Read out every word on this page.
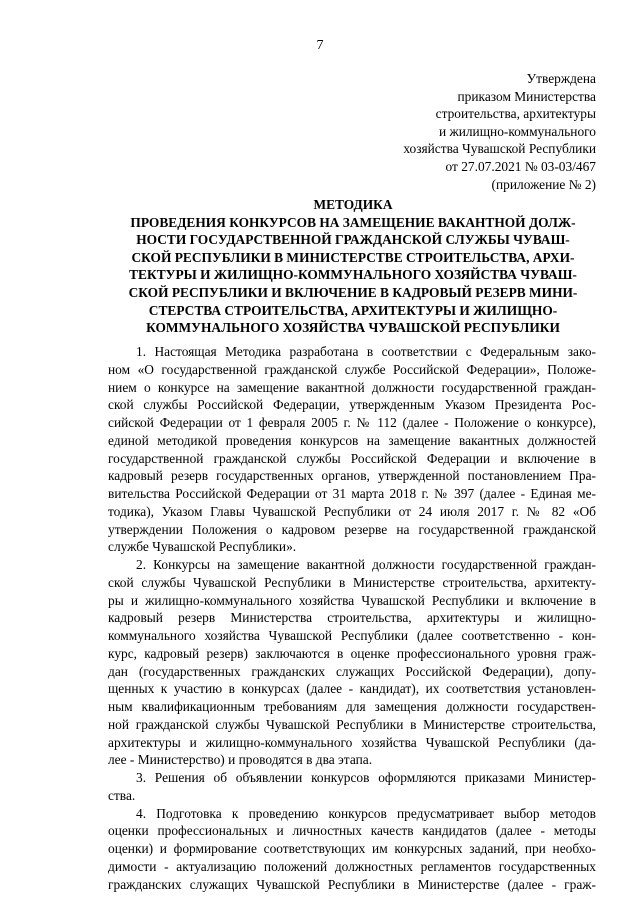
7
Утверждена
приказом Министерства
строительства, архитектуры
и жилищно-коммунального
хозяйства Чувашской Республики
от 27.07.2021 № 03-03/467
(приложение № 2)
МЕТОДИКА
ПРОВЕДЕНИЯ КОНКУРСОВ НА ЗАМЕЩЕНИЕ ВАКАНТНОЙ ДОЛЖ-
НОСТИ ГОСУДАРСТВЕННОЙ ГРАЖДАНСКОЙ СЛУЖБЫ ЧУВАШ-
СКОЙ РЕСПУБЛИКИ В МИНИСТЕРСТВЕ СТРОИТЕЛЬСТВА, АРХИ-
ТЕКТУРЫ И ЖИЛИЩНО-КОММУНАЛЬНОГО ХОЗЯЙСТВА ЧУВАШ-
СКОЙ РЕСПУБЛИКИ И ВКЛЮЧЕНИЕ В КАДРОВЫЙ РЕЗЕРВ МИНИ-
СТЕРСТВА СТРОИТЕЛЬСТВА, АРХИТЕКТУРЫ И ЖИЛИЩНО-
КОММУНАЛЬНОГО ХОЗЯЙСТВА ЧУВАШСКОЙ РЕСПУБЛИКИ
1. Настоящая Методика разработана в соответствии с Федеральным зако-
ном «О государственной гражданской службе Российской Федерации», Положе-
нием о конкурсе на замещение вакантной должности государственной граждан-
ской службы Российской Федерации, утвержденным Указом Президента Рос-
сийской Федерации от 1 февраля 2005 г. № 112 (далее - Положение о конкурсе),
единой методикой проведения конкурсов на замещение вакантных должностей
государственной гражданской службы Российской Федерации и включение в
кадровый резерв государственных органов, утвержденной постановлением Пра-
вительства Российской Федерации от 31 марта 2018 г. № 397 (далее - Единая ме-
тодика), Указом Главы Чувашской Республики от 24 июля 2017 г. № 82 «Об
утверждении Положения о кадровом резерве на государственной гражданской
службе Чувашской Республики».
2. Конкурсы на замещение вакантной должности государственной граждан-
ской службы Чувашской Республики в Министерстве строительства, архитекту-
ры и жилищно-коммунального хозяйства Чувашской Республики и включение в
кадровый резерв Министерства строительства, архитектуры и жилищно-
коммунального хозяйства Чувашской Республики (далее соответственно - кон-
курс, кадровый резерв) заключаются в оценке профессионального уровня граж-
дан (государственных гражданских служащих Российской Федерации), допу-
щенных к участию в конкурсах (далее - кандидат), их соответствия установлен-
ным квалификационным требованиям для замещения должности государствен-
ной гражданской службы Чувашской Республики в Министерстве строительства,
архитектуры и жилищно-коммунального хозяйства Чувашской Республики (да-
лее - Министерство) и проводятся в два этапа.
3. Решения об объявлении конкурсов оформляются приказами Министер-
ства.
4. Подготовка к проведению конкурсов предусматривает выбор методов
оценки профессиональных и личностных качеств кандидатов (далее - методы
оценки) и формирование соответствующих им конкурсных заданий, при необхо-
димости - актуализацию положений должностных регламентов государственных
гражданских служащих Чувашской Республики в Министерстве (далее - граж-
